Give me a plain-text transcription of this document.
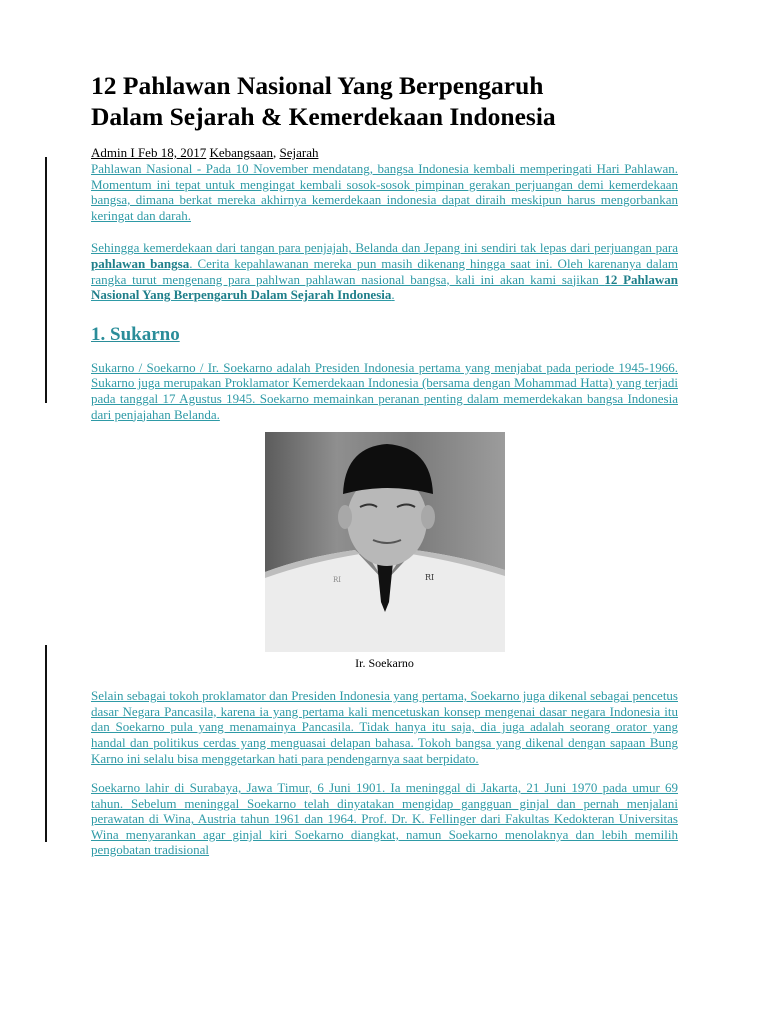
12 Pahlawan Nasional Yang Berpengaruh
Dalam Sejarah & Kemerdekaan Indonesia

Admin I Feb 18, 2017 Kebangsaan, Sejarah

Pahlawan Nasional - Pada 10 November mendatang, bangsa Indonesia kembali memperingati Hari Pahlawan. Momentum ini tepat untuk mengingat kembali sosok-sosok pimpinan gerakan perjuangan demi kemerdekaan bangsa, dimana berkat mereka akhirnya kemerdekaan indonesia dapat diraih meskipun harus mengorbankan keringat dan darah.

Sehingga kemerdekaan dari tangan para penjajah, Belanda dan Jepang ini sendiri tak lepas dari perjuangan para pahlawan bangsa. Cerita kepahlawanan mereka pun masih dikenang hingga saat ini. Oleh karenanya dalam rangka turut mengenang para pahlwan pahlawan nasional bangsa, kali ini akan kami sajikan 12 Pahlawan Nasional Yang Berpengaruh Dalam Sejarah Indonesia.

1. Sukarno

Sukarno / Soekarno / Ir. Soekarno adalah Presiden Indonesia pertama yang menjabat pada periode 1945-1966. Sukarno juga merupakan Proklamator Kemerdekaan Indonesia (bersama dengan Mohammad Hatta) yang terjadi pada tanggal 17 Agustus 1945. Soekarno memainkan peranan penting dalam memerdekakan bangsa Indonesia dari penjajahan Belanda.

RI
RI
Ir. Soekarno

Selain sebagai tokoh proklamator dan Presiden Indonesia yang pertama, Soekarno juga dikenal sebagai pencetus dasar Negara Pancasila, karena ia yang pertama kali mencetuskan konsep mengenai dasar negara Indonesia itu dan Soekarno pula yang menamainya Pancasila. Tidak hanya itu saja, dia juga adalah seorang orator yang handal dan politikus cerdas yang menguasai delapan bahasa. Tokoh bangsa yang dikenal dengan sapaan Bung Karno ini selalu bisa menggetarkan hati para pendengarnya saat berpidato.

Soekarno lahir di Surabaya, Jawa Timur, 6 Juni 1901. Ia meninggal di Jakarta, 21 Juni 1970 pada umur 69 tahun. Sebelum meninggal Soekarno telah dinyatakan mengidap gangguan ginjal dan pernah menjalani perawatan di Wina, Austria tahun 1961 dan 1964. Prof. Dr. K. Fellinger dari Fakultas Kedokteran Universitas Wina menyarankan agar ginjal kiri Soekarno diangkat, namun Soekarno menolaknya dan lebih memilih pengobatan tradisional
